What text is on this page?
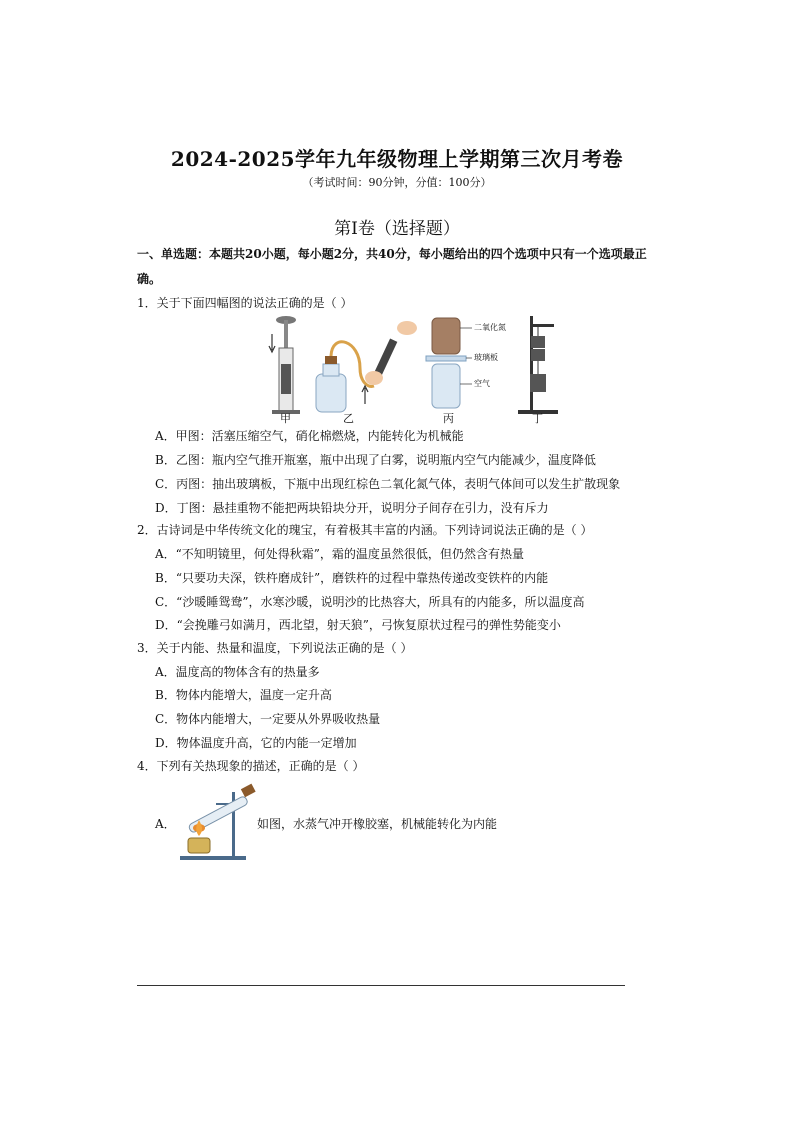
2024-2025学年九年级物理上学期第三次月考卷
（考试时间：90分钟，分值：100分）
第Ⅰ卷（选择题）
一、单选题：本题共20小题，每小题2分，共40分，每小题给出的四个选项中只有一个选项最正确。
1．关于下面四幅图的说法正确的是（ ）
甲	乙	丙	丁
二氧化氮
玻璃板
空气
A．甲图：活塞压缩空气，硝化棉燃烧，内能转化为机械能
B．乙图：瓶内空气推开瓶塞，瓶中出现了白雾，说明瓶内空气内能减少，温度降低
C．丙图：抽出玻璃板，下瓶中出现红棕色二氧化氮气体，表明气体间可以发生扩散现象
D．丁图：悬挂重物不能把两块铅块分开，说明分子间存在引力，没有斥力
2．古诗词是中华传统文化的瑰宝，有着极其丰富的内涵。下列诗词说法正确的是（ ）
A．“不知明镜里，何处得秋霜”，霜的温度虽然很低，但仍然含有热量
B．“只要功夫深，铁杵磨成针”，磨铁杵的过程中靠热传递改变铁杵的内能
C．“沙暖睡鸳鸯”，水寒沙暖，说明沙的比热容大，所具有的内能多，所以温度高
D．“会挽雕弓如满月，西北望，射天狼”，弓恢复原状过程弓的弹性势能变小
3．关于内能、热量和温度，下列说法正确的是（ ）
A．温度高的物体含有的热量多
B．物体内能增大，温度一定升高
C．物体内能增大，一定要从外界吸收热量
D．物体温度升高，它的内能一定增加
4．下列有关热现象的描述，正确的是（ ）
A．	如图，水蒸气冲开橡胶塞，机械能转化为内能
